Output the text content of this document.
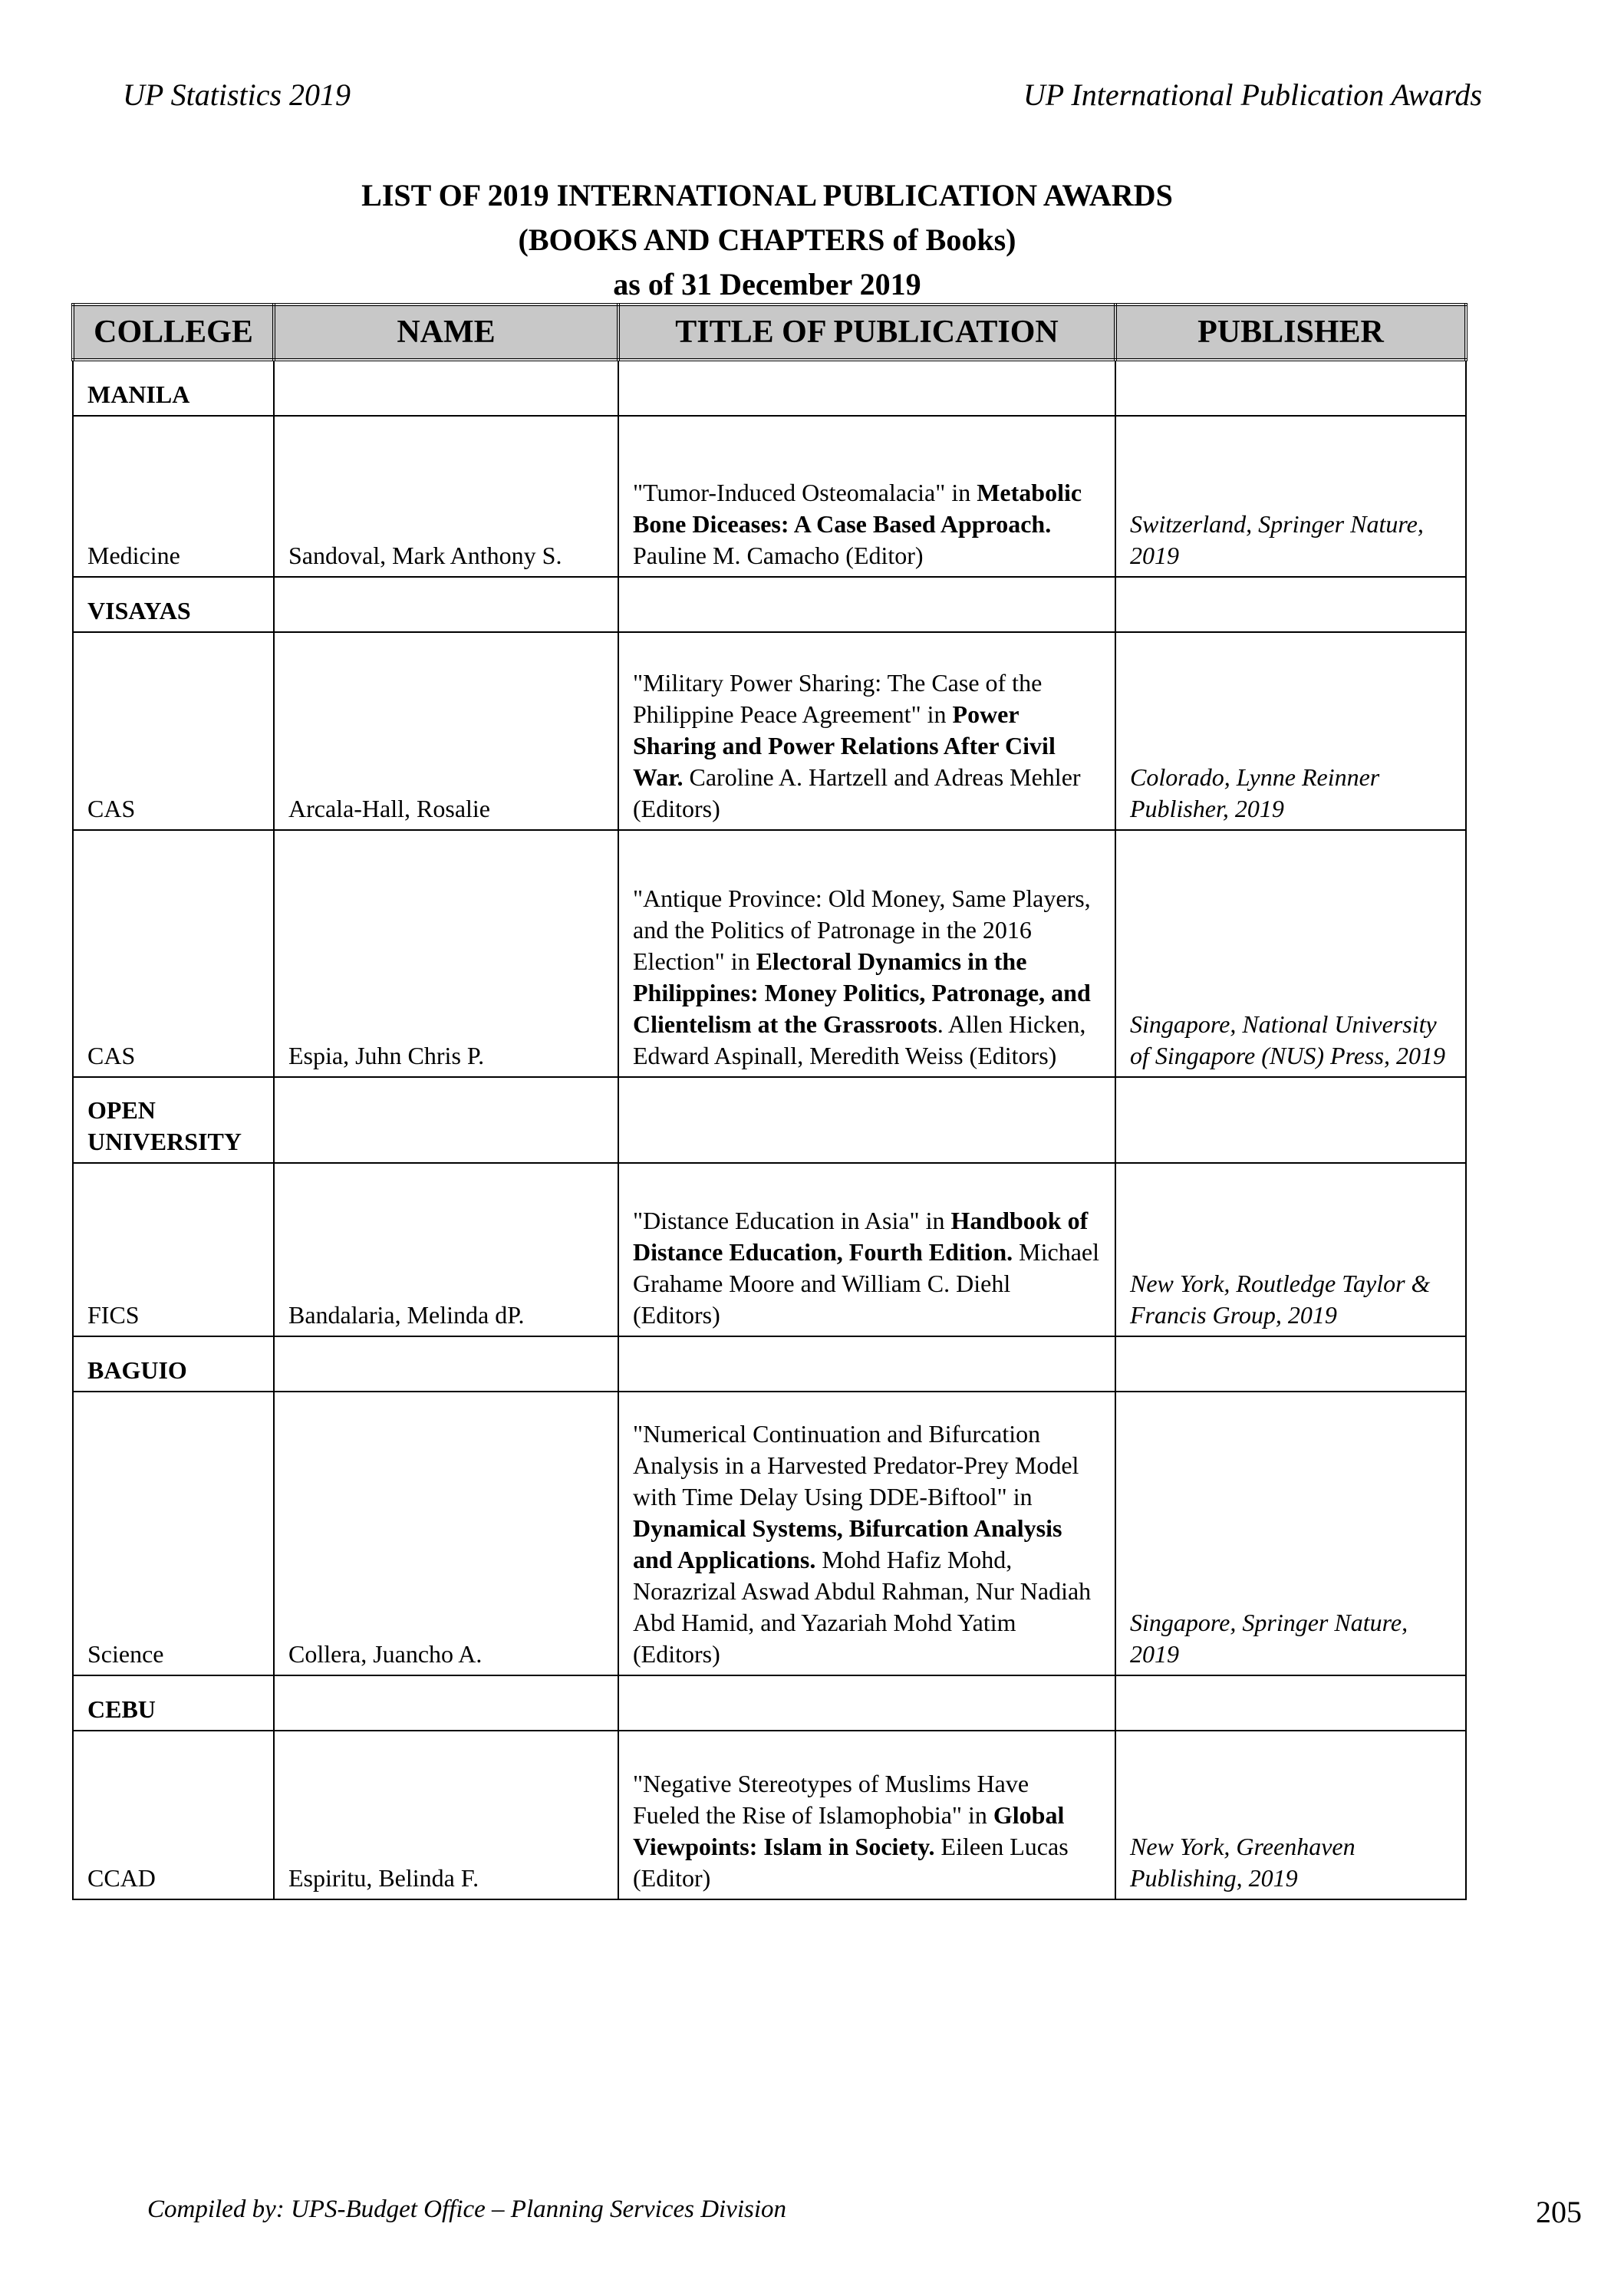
UP Statistics 2019	UP International Publication Awards
LIST OF 2019 INTERNATIONAL PUBLICATION AWARDS
(BOOKS AND CHAPTERS of Books)
as of 31 December 2019
COLLEGE	NAME	TITLE OF PUBLICATION	PUBLISHER
MANILA			
Medicine	Sandoval, Mark Anthony S.	"Tumor-Induced Osteomalacia" in Metabolic Bone Diceases: A Case Based Approach. Pauline M. Camacho (Editor)	Switzerland, Springer Nature, 2019
VISAYAS			
CAS	Arcala-Hall, Rosalie	"Military Power Sharing: The Case of the Philippine Peace Agreement" in Power Sharing and Power Relations After Civil War. Caroline A. Hartzell and Adreas Mehler (Editors)	Colorado, Lynne Reinner Publisher, 2019
CAS	Espia, Juhn Chris P.	"Antique Province: Old Money, Same Players, and the Politics of Patronage in the 2016 Election" in Electoral Dynamics in the Philippines: Money Politics, Patronage, and Clientelism at the Grassroots. Allen Hicken, Edward Aspinall, Meredith Weiss (Editors)	Singapore, National University of Singapore (NUS) Press, 2019
OPEN UNIVERSITY			
FICS	Bandalaria, Melinda dP.	"Distance Education in Asia" in Handbook of Distance Education, Fourth Edition. Michael Grahame Moore and William C. Diehl (Editors)	New York, Routledge Taylor & Francis Group, 2019
BAGUIO			
Science	Collera, Juancho A.	"Numerical Continuation and Bifurcation Analysis in a Harvested Predator-Prey Model with Time Delay Using DDE-Biftool" in Dynamical Systems, Bifurcation Analysis and Applications. Mohd Hafiz Mohd, Norazrizal Aswad Abdul Rahman, Nur Nadiah Abd Hamid, and Yazariah Mohd Yatim (Editors)	Singapore, Springer Nature, 2019
CEBU			
CCAD	Espiritu, Belinda F.	"Negative Stereotypes of Muslims Have Fueled the Rise of Islamophobia" in Global Viewpoints: Islam in Society. Eileen Lucas (Editor)	New York, Greenhaven Publishing, 2019
Compiled by: UPS-Budget Office – Planning Services Division	205
